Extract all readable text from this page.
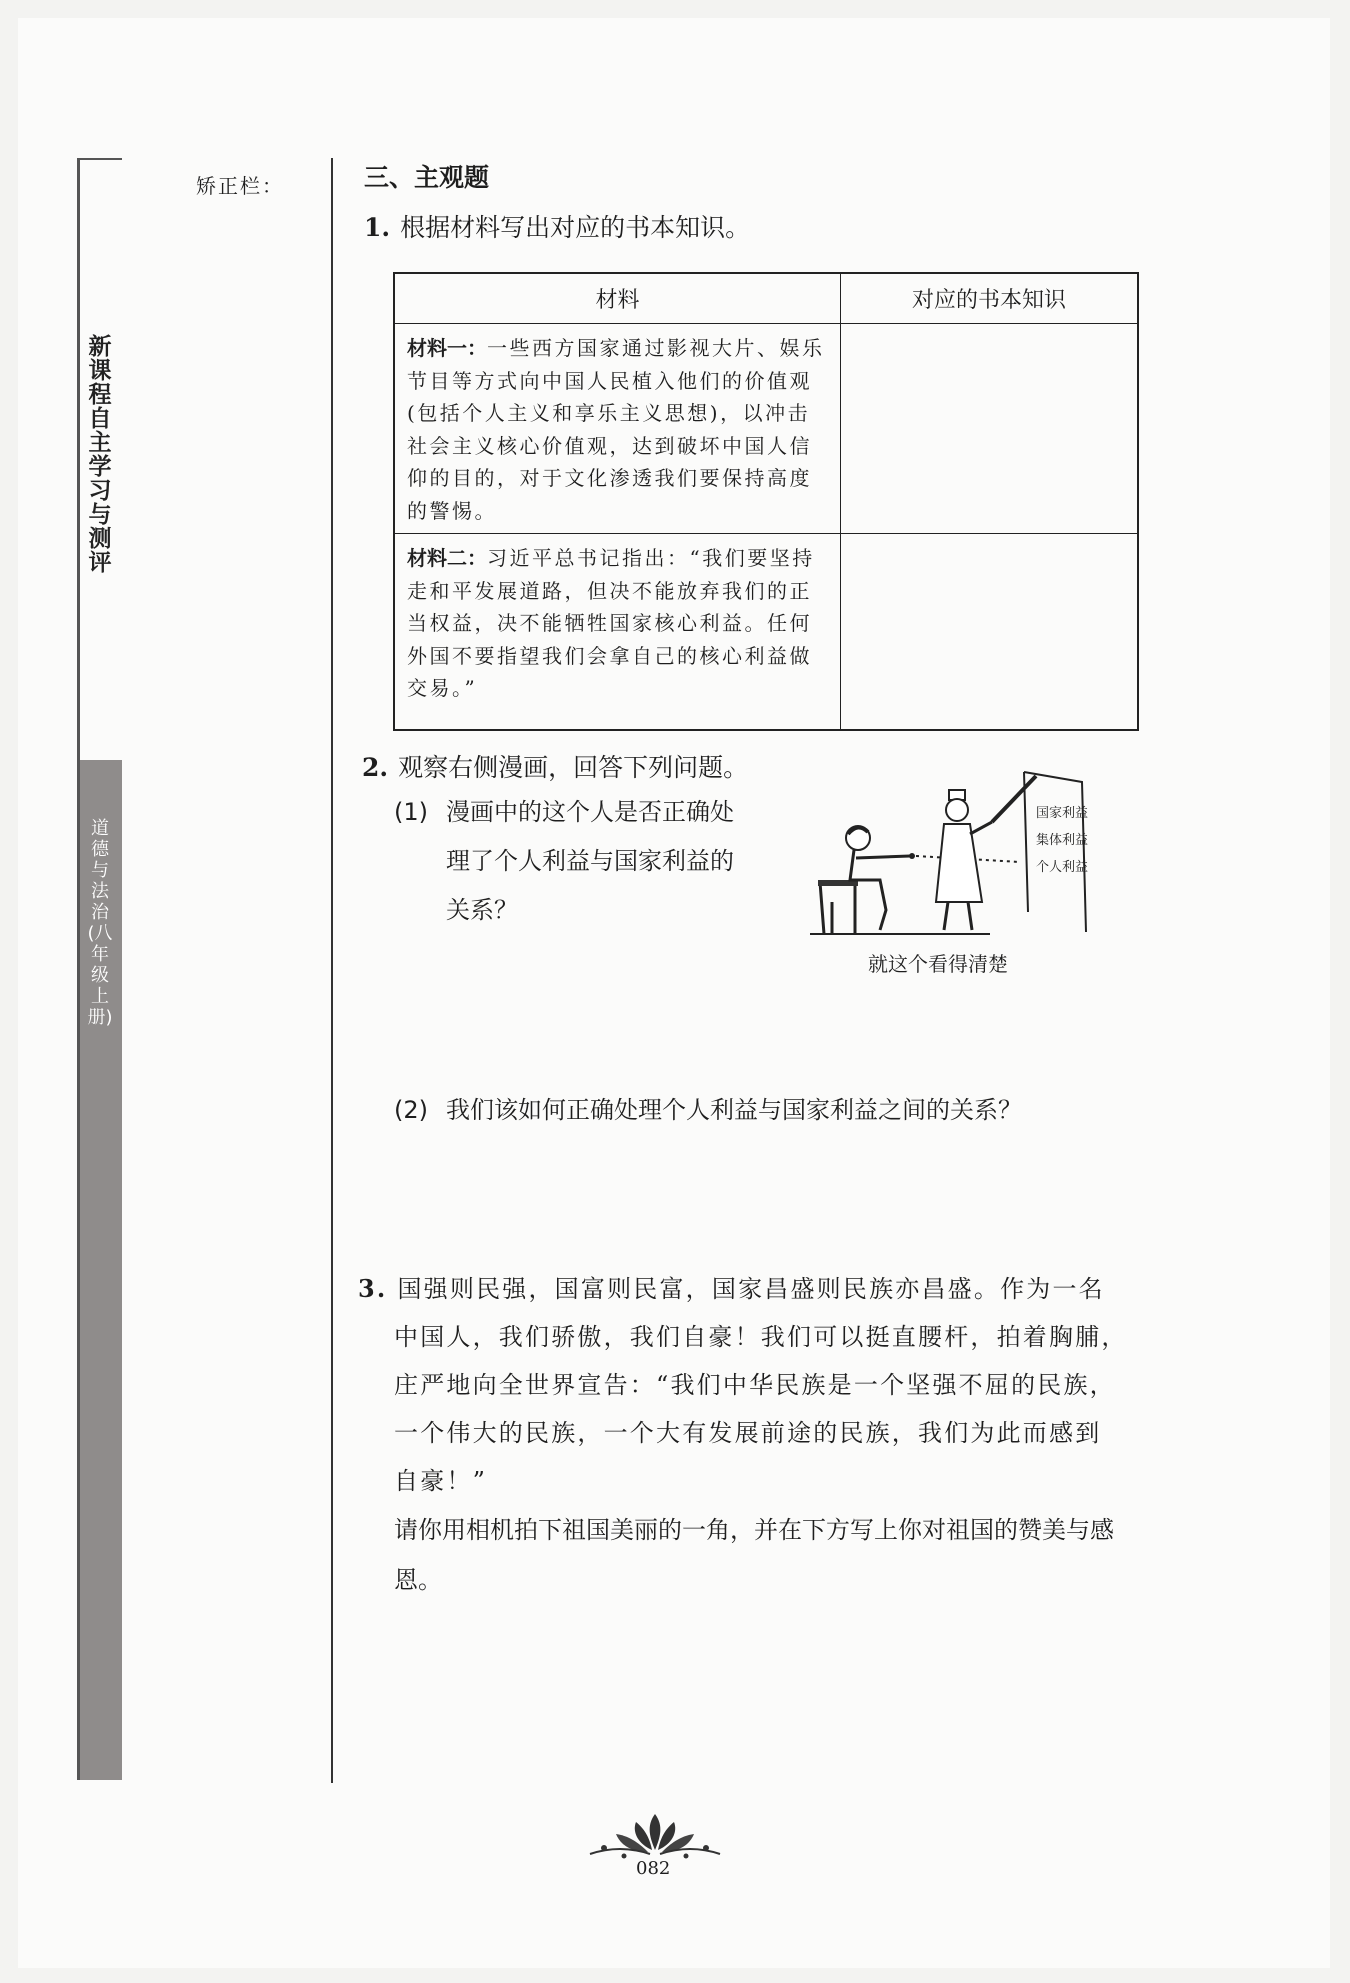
新课程自主学习与测评
道德与法治(八年级上册)
矫正栏：	三、主观题
1. 根据材料写出对应的书本知识。
材料	对应的书本知识
材料一：一些西方国家通过影视大片、娱乐节目等方式向中国人民植入他们的价值观(包括个人主义和享乐主义思想)，以冲击社会主义核心价值观，达到破坏中国人信仰的目的，对于文化渗透我们要保持高度的警惕。	
材料二：习近平总书记指出：“我们要坚持走和平发展道路，但决不能放弃我们的正当权益，决不能牺牲国家核心利益。任何外国不要指望我们会拿自己的核心利益做交易。”	
2. 观察右侧漫画，回答下列问题。
(1) 漫画中的这个人是否正确处
理了个人利益与国家利益的
关系？
国家利益
集体利益
个人利益
就这个看得清楚
(2) 我们该如何正确处理个人利益与国家利益之间的关系？
3. 国强则民强，国富则民富，国家昌盛则民族亦昌盛。作为一名
中国人，我们骄傲，我们自豪！我们可以挺直腰杆，拍着胸脯，
庄严地向全世界宣告：“我们中华民族是一个坚强不屈的民族，
一个伟大的民族，一个大有发展前途的民族，我们为此而感到
自豪！”
请你用相机拍下祖国美丽的一角，并在下方写上你对祖国的赞美与感恩。
082
